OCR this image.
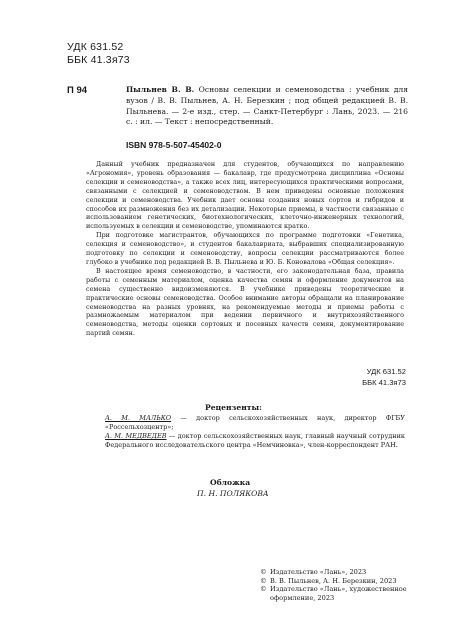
УДК 631.52
ББК 41.3я73
П 94	Пыльнев В. В. Основы селекции и семеноводства : учебник для вузов / В. В. Пыльнев, А. Н. Березкин ; под общей редакцией В. В. Пыльнева. — 2-е изд., стер. — Санкт-Петербург : Лань, 2023. — 216 с. : ил. — Текст : непосредственный.
ISBN 978-5-507-45402-0

Данный учебник предназначен для студентов, обучающихся по направлению «Агрономия», уровень образования — бакалавр, где предусмотрена дисциплина «Основы селекции и семеноводства», а также всех лиц, интересующихся практическими вопросами, связанными с селекцией и семеноводством. В нем приведены основные положения селекции и семеноводства. Учебник дает основы создания новых сортов и гибридов и способов их размножения без их детализации. Некоторые приемы, в частности связанные с использованием генетических, биотехнологических, клеточно-инженерных технологий, используемых в селекции и семеноводстве, упоминаются кратко.

При подготовке магистрантов, обучающихся по программе подготовки «Генетика, селекция и семеноводство», и студентов бакалавриата, выбравших специализированную подготовку по селекции и семеноводству, вопросы селекции рассматриваются более глубоко в учебнике под редакцией В. В. Пыльнева и Ю. Б. Коновалова «Общая селекция».

В настоящее время семеноводство, в частности, его законодательная база, правила работы с семенным материалом, оценка качества семян и оформление документов на семена существенно видоизменяются. В учебнике приведены теоретические и практические основы семеноводства. Особое внимание авторы обращали на планирование семеноводства на разных уровнях, на рекомендуемые методы и приемы работы с размножаемым материалом при ведении первичного и внутрихозяйственного семеноводства, методы оценки сортовых и посевных качеств семян, документирование партий семян.

УДК 631.52
ББК 41.3я73
Рецензенты:

А. М. МАЛЬКО — доктор сельскохозяйственных наук, директор ФГБУ «Россельхозцентр»;

А. М. МЕДВЕДЕВ — доктор сельскохозяйственных наук, главный научный сотрудник Федерального исследовательского центра «Немчиновка», член-корреспондент РАН.

Обложка
П. Н. ПОЛЯКОВА
© Издательство «Лань», 2023
© В. В. Пыльнев, А. Н. Березкин, 2023
© Издательство «Лань», художественное оформление, 2023
